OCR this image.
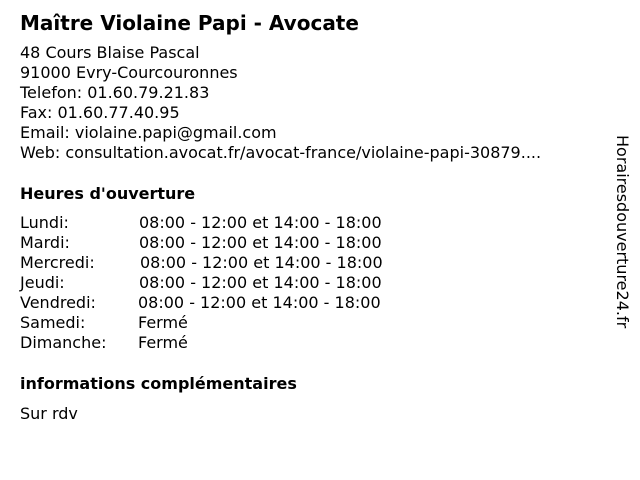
Maître Violaine Papi - Avocate
48 Cours Blaise Pascal
91000 Evry-Courcouronnes
Telefon: 01.60.79.21.83
Fax: 01.60.77.40.95
Email: violaine.papi@gmail.com
Web: consultation.avocat.fr/avocat-france/violaine-papi-30879....
Heures d'ouverture
Lundi:	08:00 - 12:00 et 14:00 - 18:00
Mardi:	08:00 - 12:00 et 14:00 - 18:00
Mercredi:	08:00 - 12:00 et 14:00 - 18:00
Jeudi:	08:00 - 12:00 et 14:00 - 18:00
Vendredi:	08:00 - 12:00 et 14:00 - 18:00
Samedi:	Fermé
Dimanche: Fermé
informations complémentaires
Sur rdv
Horairesdouverture24.fr
